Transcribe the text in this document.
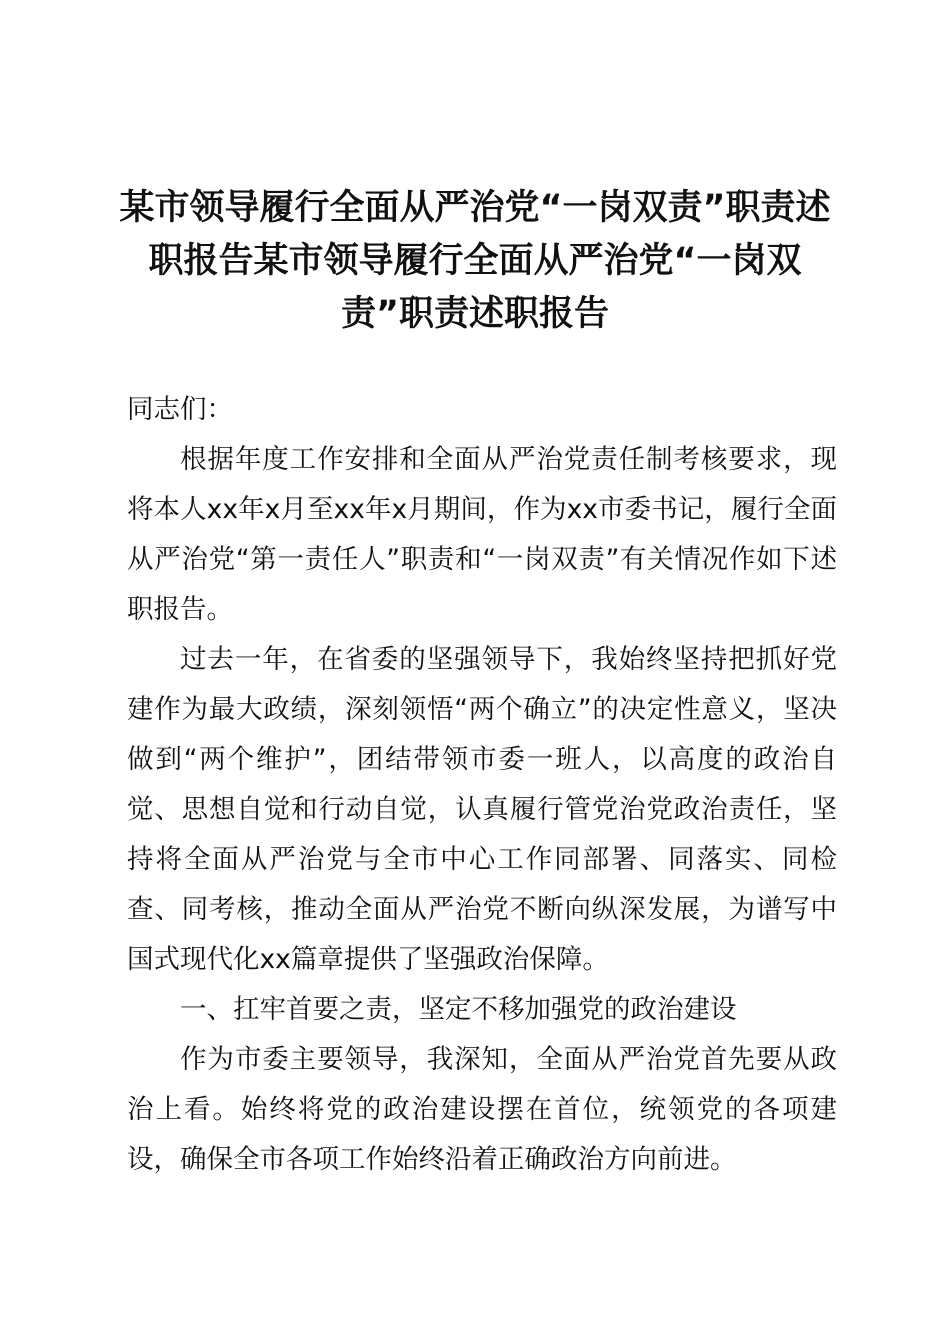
某市领导履行全面从严治党“一岗双责”职责述职报告某市领导履行全面从严治党“一岗双责”职责述职报告

同志们：

根据年度工作安排和全面从严治党责任制考核要求，现将本人xx年x月至xx年x月期间，作为xx市委书记，履行全面从严治党“第一责任人”职责和“一岗双责”有关情况作如下述职报告。

过去一年，在省委的坚强领导下，我始终坚持把抓好党建作为最大政绩，深刻领悟“两个确立”的决定性意义，坚决做到“两个维护”，团结带领市委一班人，以高度的政治自觉、思想自觉和行动自觉，认真履行管党治党政治责任，坚持将全面从严治党与全市中心工作同部署、同落实、同检查、同考核，推动全面从严治党不断向纵深发展，为谱写中国式现代化xx篇章提供了坚强政治保障。

一、扛牢首要之责，坚定不移加强党的政治建设

作为市委主要领导，我深知，全面从严治党首先要从政治上看。始终将党的政治建设摆在首位，统领党的各项建设，确保全市各项工作始终沿着正确政治方向前进。
